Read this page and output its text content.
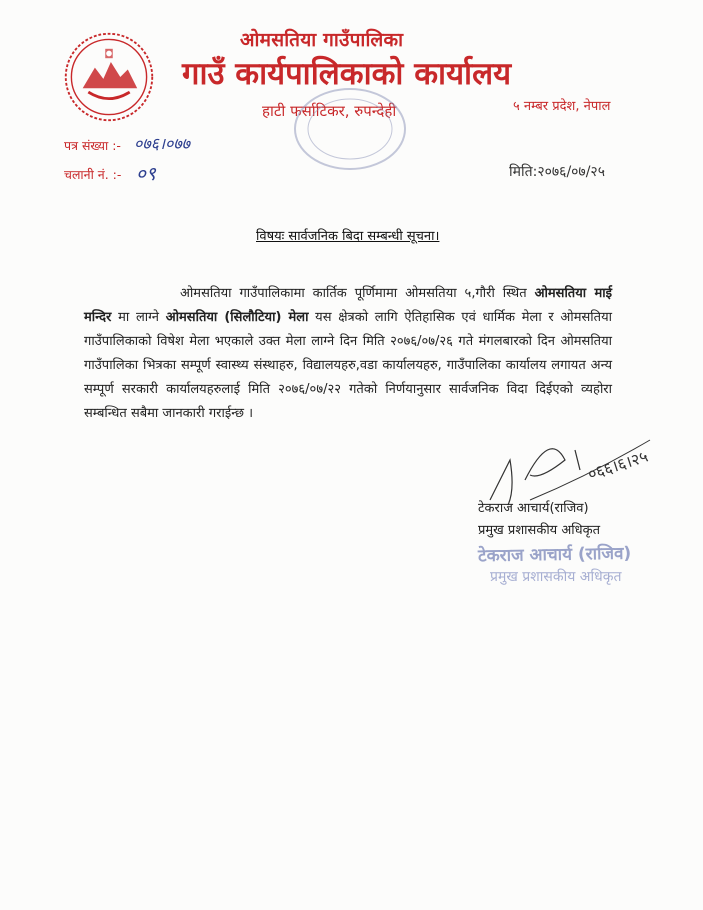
ओमसतिया गाउँपालिका
गाउँ कार्यपालिकाको कार्यालय
हाटी फर्साटिकर, रुपन्देही	५ नम्बर प्रदेश, नेपाल
पत्र संख्या :- ०७६।०७७
चलानी नं. :- ०९	मिति:२०७६/०७/२५
विषयः सार्वजनिक बिदा सम्बन्धी सूचना।
ओमसतिया गाउँपालिकामा कार्तिक पूर्णिमामा ओमसतिया ५,गौरी स्थित ओमसतिया माई मन्दिर मा लाग्ने ओमसतिया (सिलौटिया) मेला यस क्षेत्रको लागि ऐतिहासिक एवं धार्मिक मेला र ओमसतिया गाउँपालिकाको विषेश मेला भएकाले उक्त मेला लाग्ने दिन मिति २०७६/०७/२६ गते मंगलबारको दिन ओमसतिया गाउँपालिका भित्रका सम्पूर्ण स्वास्थ्य संस्थाहरु, विद्यालयहरु,वडा कार्यालयहरु, गाउँपालिका कार्यालय लगायत अन्य सम्पूर्ण सरकारी कार्यालयहरुलाई मिति २०७६/०७/२२ गतेको निर्णयानुसार सार्वजनिक विदा दिईएको व्यहोरा सम्बन्धित सबैमा जानकारी गराईन्छ ।
०६६।६।२५
टेकराज आचार्य(राजिव)
प्रमुख प्रशासकीय अधिकृत
टेकराज आचार्य (राजिव)
प्रमुख प्रशासकीय अधिकृत
